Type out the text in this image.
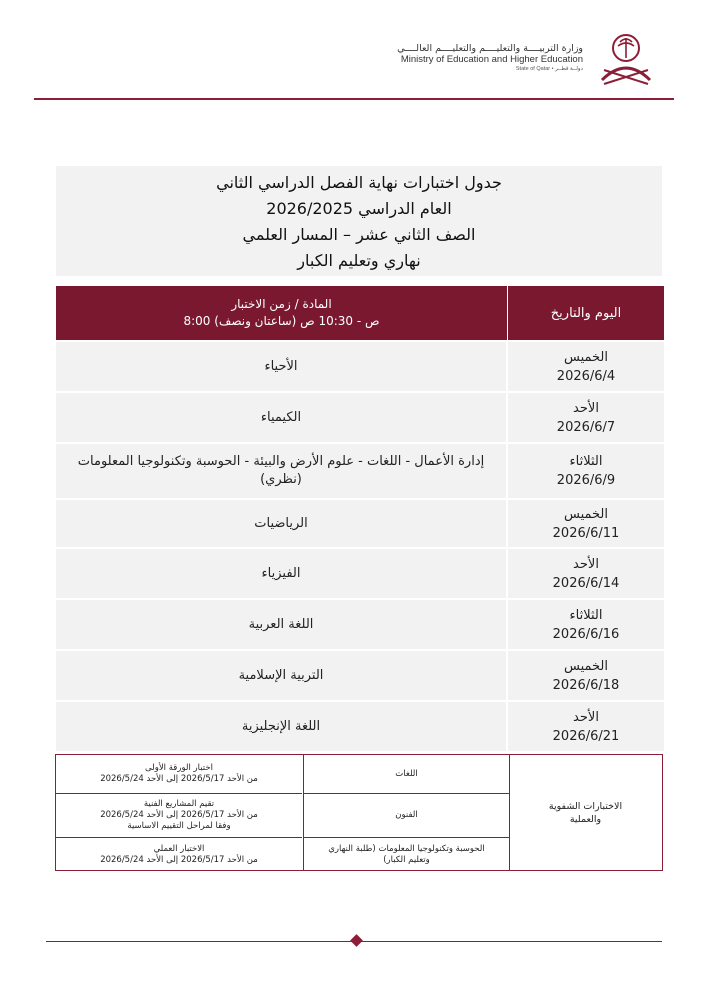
وزارة التربيــــة والتعليــــم والتعليــــم العالــــي
Ministry of Education and Higher Education
State of Qatar • دولــة قطــر
جدول اختبارات نهاية الفصل الدراسي الثاني
العام الدراسي 2026/2025
الصف الثاني عشر – المسار العلمي
نهاري وتعليم الكبار
المادة / زمن الاختبار
8:00 ص - 10:30 ص (ساعتان ونصف)
اليوم والتاريخ
الأحياء
الخميس
2026/6/4
الكيمياء
الأحد
2026/6/7
إدارة الأعمال - اللغات - علوم الأرض والبيئة - الحوسبة وتكنولوجيا المعلومات (نظري)
الثلاثاء
2026/6/9
الرياضيات
الخميس
2026/6/11
الفيزياء
الأحد
2026/6/14
اللغة العربية
الثلاثاء
2026/6/16
التربية الإسلامية
الخميس
2026/6/18
اللغة الإنجليزية
الأحد
2026/6/21
اختبار الورقة الأولى
من الأحد 2026/5/17 إلى الأحد 2026/5/24
تقيم المشاريع الفنية
من الأحد 2026/5/17 إلى الأحد 2026/5/24
وفقا لمراحل التقييم الاساسية
الاختبار العملي
من الأحد 2026/5/17 إلى الأحد 2026/5/24
اللغات
الفنون
الحوسبة وتكنولوجيا المعلومات (طلبة النهاري وتعليم الكبار)
الاختبارات الشفوية والعملية
